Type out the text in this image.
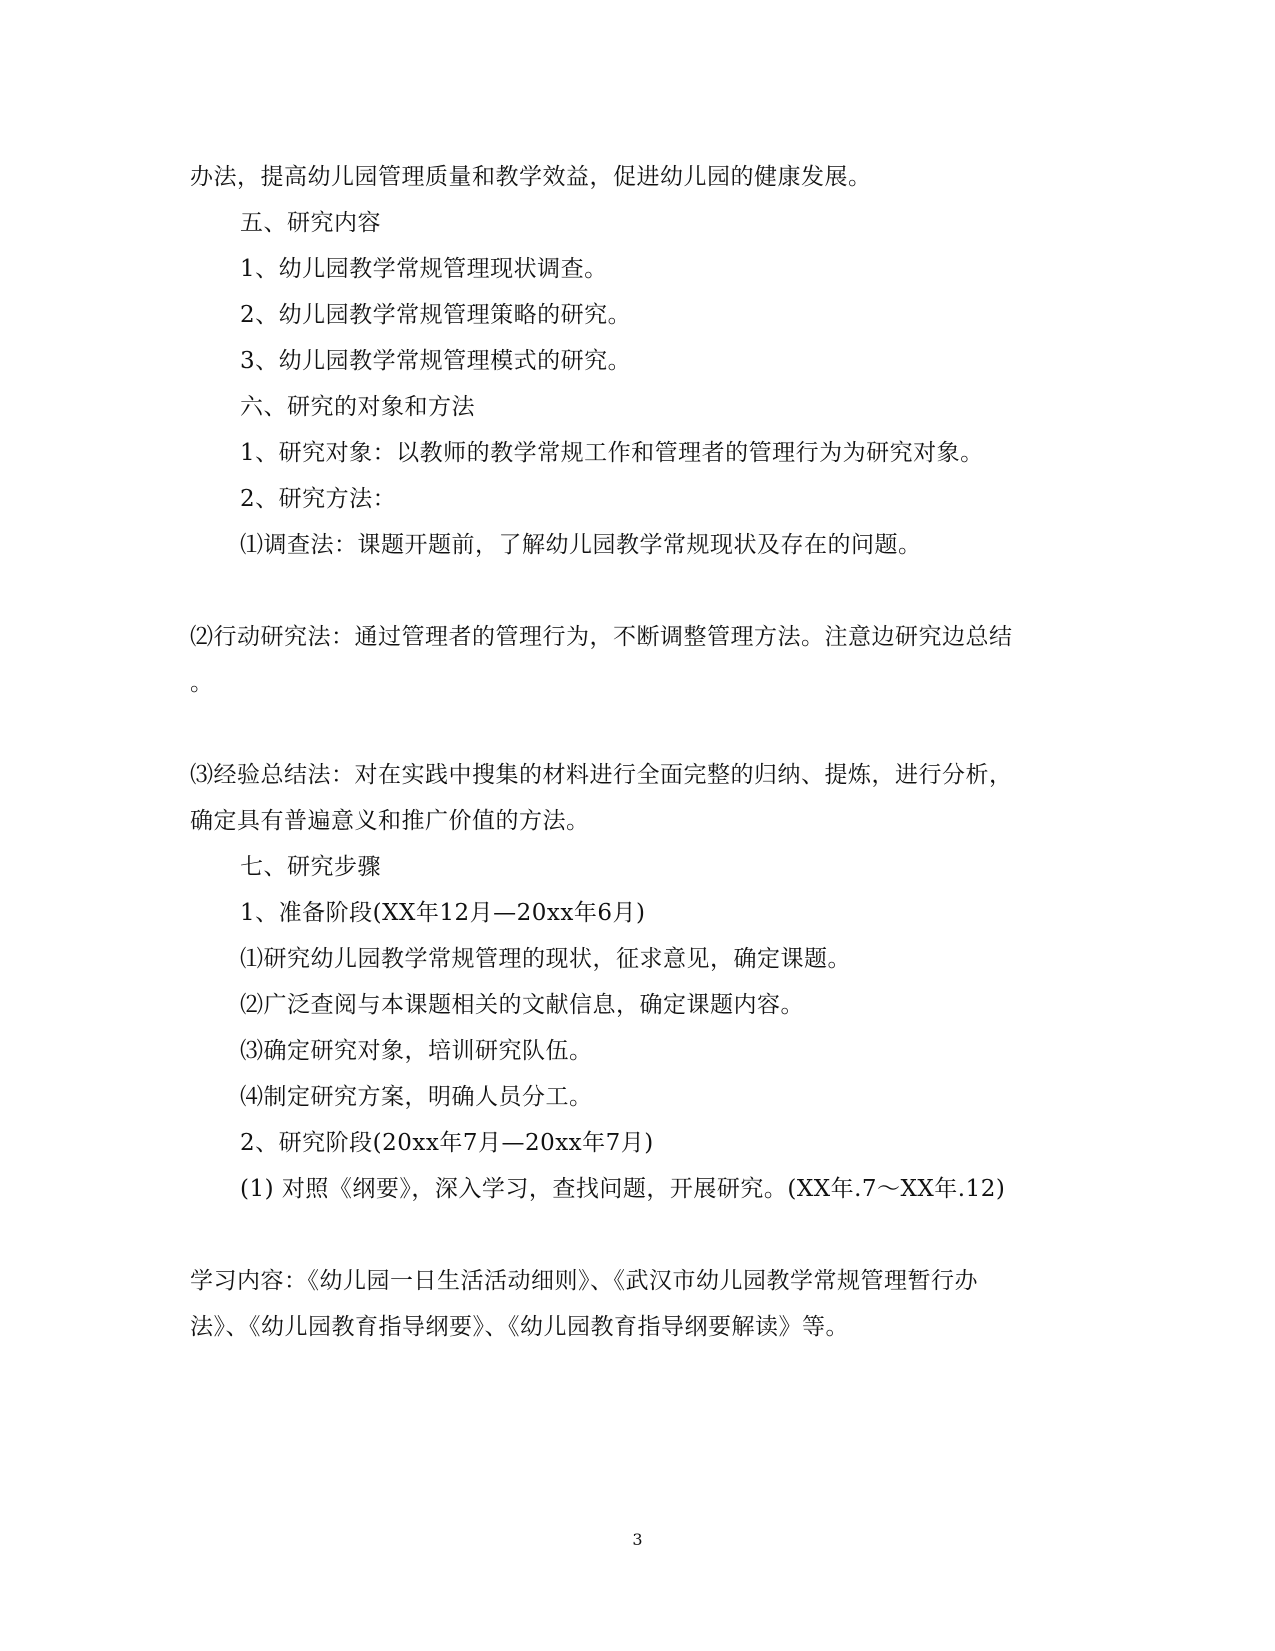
办法，提高幼儿园管理质量和教学效益，促进幼儿园的健康发展。
五、研究内容
1、幼儿园教学常规管理现状调查。
2、幼儿园教学常规管理策略的研究。
3、幼儿园教学常规管理模式的研究。
六、研究的对象和方法
1、研究对象：以教师的教学常规工作和管理者的管理行为为研究对象。
2、研究方法：
⑴调查法：课题开题前，了解幼儿园教学常规现状及存在的问题。
⑵行动研究法：通过管理者的管理行为，不断调整管理方法。注意边研究边总结
。
⑶经验总结法：对在实践中搜集的材料进行全面完整的归纳、提炼，进行分析，
确定具有普遍意义和推广价值的方法。
七、研究步骤
1、准备阶段(XX年12月—20xx年6月)
⑴研究幼儿园教学常规管理的现状，征求意见，确定课题。
⑵广泛查阅与本课题相关的文献信息，确定课题内容。
⑶确定研究对象，培训研究队伍。
⑷制定研究方案，明确人员分工。
2、研究阶段(20xx年7月—20xx年7月)
(1) 对照《纲要》，深入学习，查找问题，开展研究。(XX年.7～XX年.12)
学习内容：《幼儿园一日生活活动细则》、《武汉市幼儿园教学常规管理暂行办
法》、《幼儿园教育指导纲要》、《幼儿园教育指导纲要解读》等。
3
